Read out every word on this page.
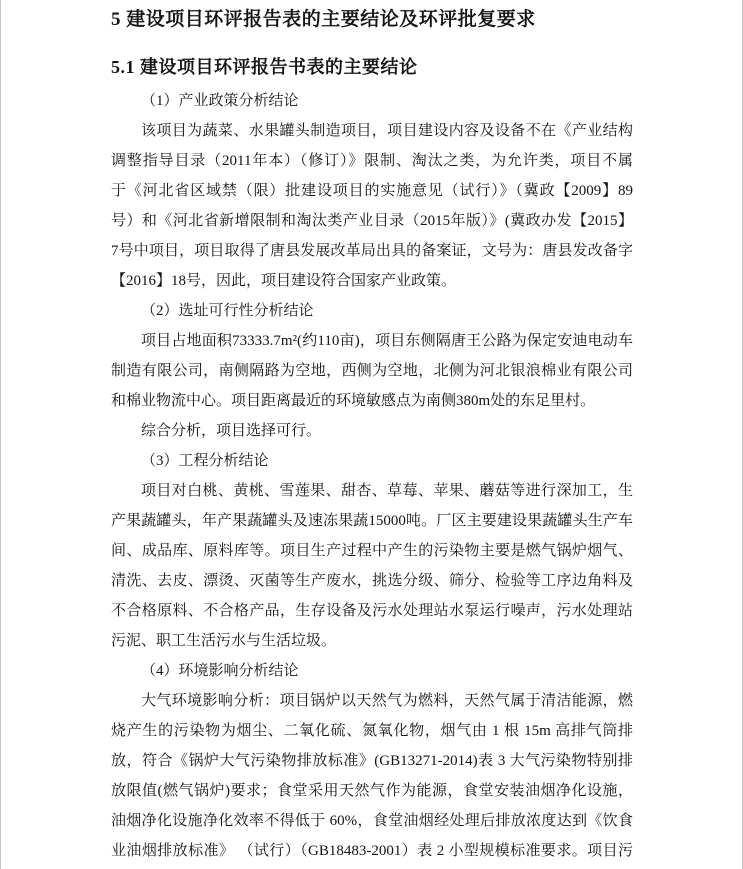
5 建设项目环评报告表的主要结论及环评批复要求
5.1 建设项目环评报告书表的主要结论
（1）产业政策分析结论
该项目为蔬菜、水果罐头制造项目，项目建设内容及设备不在《产业结构
调整指导目录（2011年本）（修订）》限制、淘汰之类，为允许类，项目不属
于《河北省区域禁（限）批建设项目的实施意见（试行）》（冀政【2009】89
号）和《河北省新增限制和淘汰类产业目录（2015年版）》(冀政办发【2015】
7号中项目，项目取得了唐县发展改革局出具的备案证，文号为：唐县发改备字
【2016】18号，因此，项目建设符合国家产业政策。
（2）选址可行性分析结论
项目占地面积73333.7m²(约110亩)，项目东侧隔唐王公路为保定安迪电动车
制造有限公司，南侧隔路为空地，西侧为空地，北侧为河北银浪棉业有限公司
和棉业物流中心。项目距离最近的环境敏感点为南侧380m处的东足里村。
综合分析，项目选择可行。
（3）工程分析结论
项目对白桃、黄桃、雪莲果、甜杏、草莓、苹果、蘑菇等进行深加工，生
产果蔬罐头，年产果蔬罐头及速冻果蔬15000吨。厂区主要建设果蔬罐头生产车
间、成品库、原料库等。项目生产过程中产生的污染物主要是燃气锅炉烟气、
清洗、去皮、漂烫、灭菌等生产废水，挑选分级、筛分、检验等工序边角料及
不合格原料、不合格产品，生存设备及污水处理站水泵运行噪声，污水处理站
污泥、职工生活污水与生活垃圾。
（4）环境影响分析结论
大气环境影响分析：项目锅炉以天然气为燃料，天然气属于清洁能源，燃
烧产生的污染物为烟尘、二氧化硫、氮氧化物，烟气由 1 根 15m 高排气筒排
放，符合《锅炉大气污染物排放标准》(GB13271-2014)表 3 大气污染物特别排
放限值(燃气锅炉)要求；食堂采用天然气作为能源，食堂安装油烟净化设施，
油烟净化设施净化效率不得低于 60%，食堂油烟经处理后排放浓度达到《饮食
业油烟排放标准》 （试行）（GB18483-2001）表 2 小型规模标准要求。项目污
